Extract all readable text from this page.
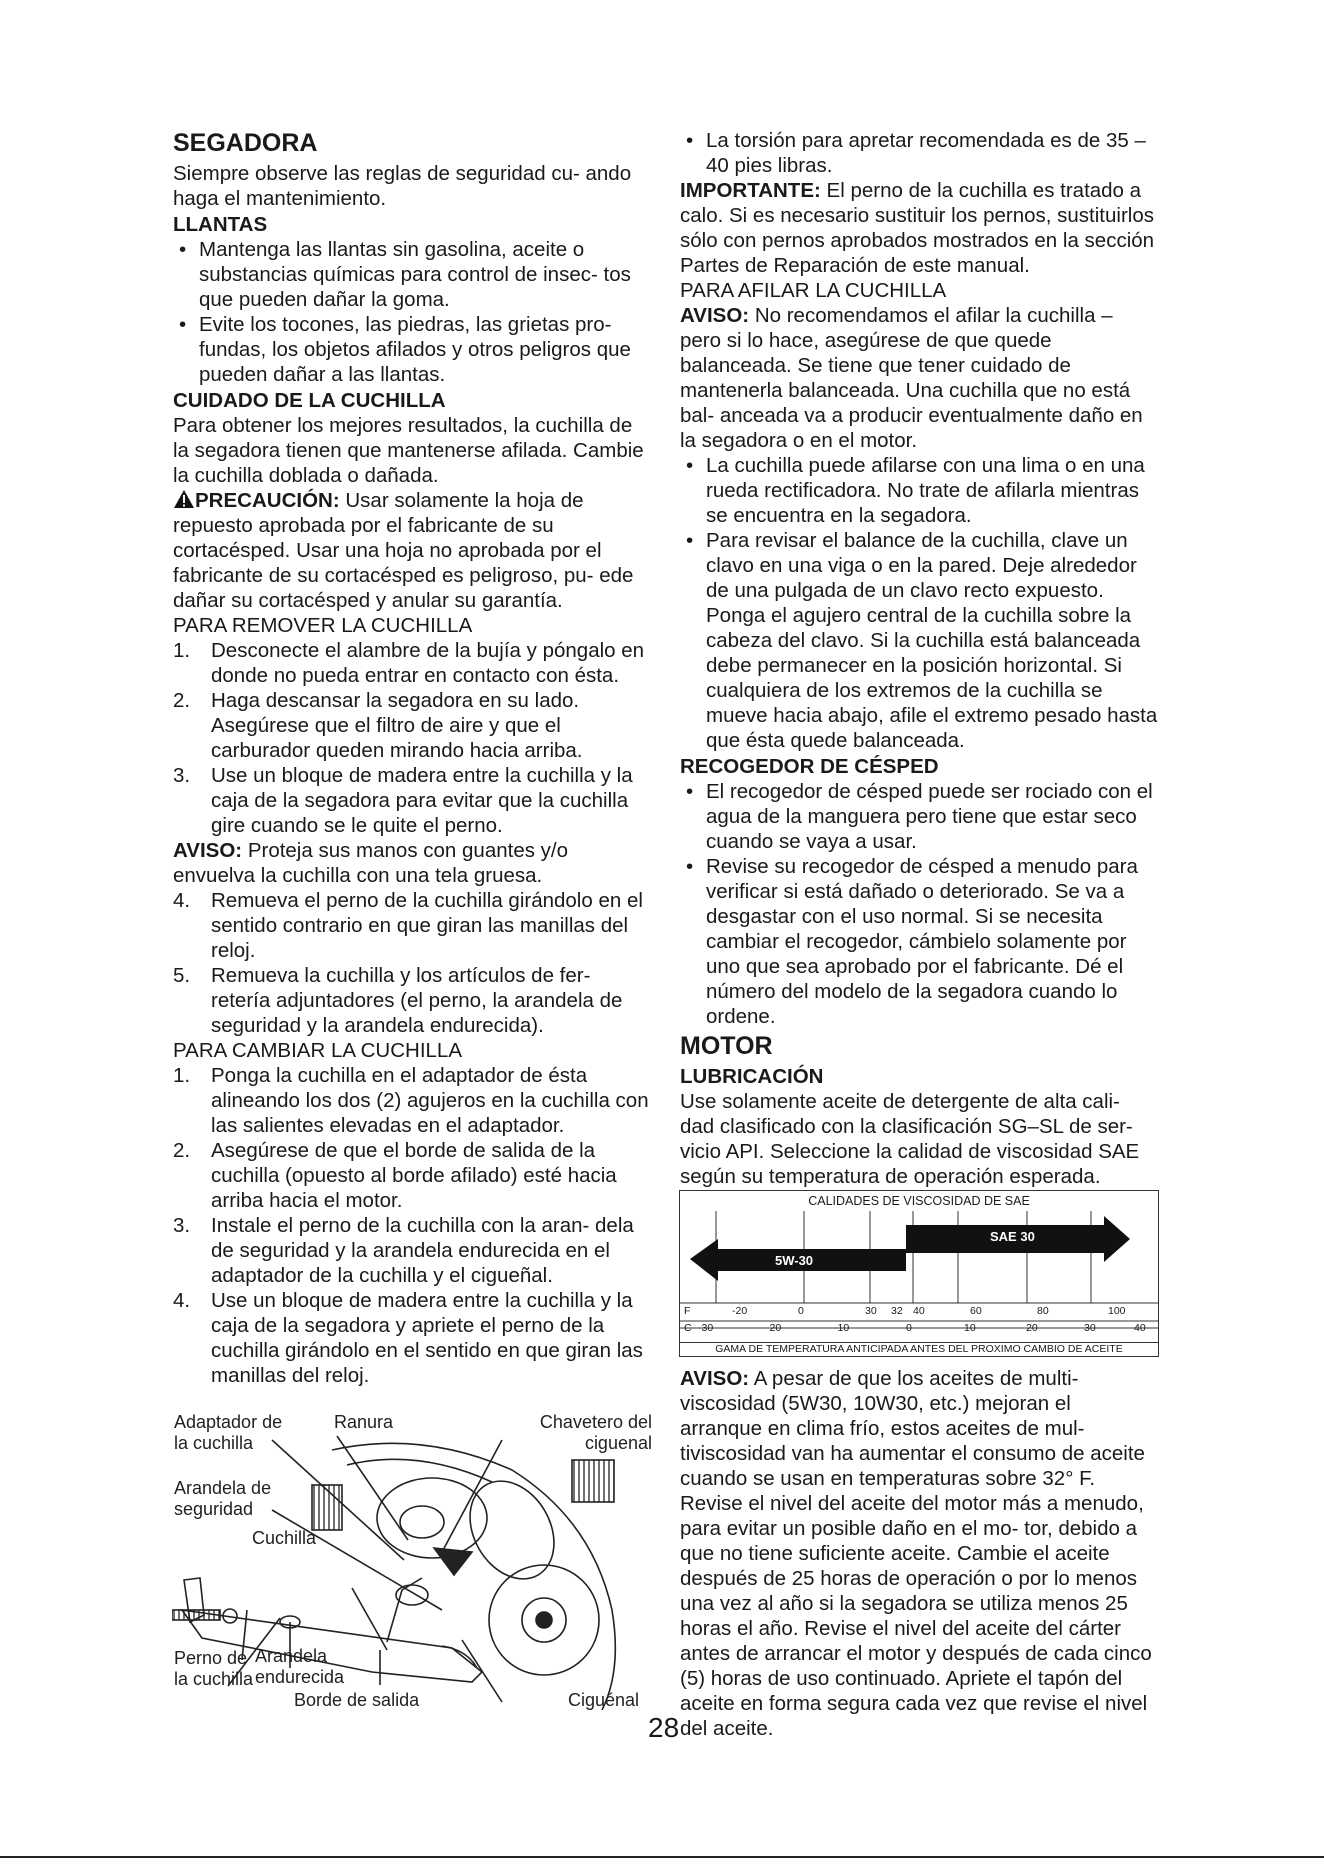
SEGADORA

Siempre observe las reglas de seguridad cu- ando haga el mantenimiento.

LLANTAS
• Mantenga las llantas sin gasolina, aceite o substancias químicas para control de insec- tos que pueden dañar la goma.
• Evite los tocones, las piedras, las grietas pro- fundas, los objetos afilados y otros peligros que pueden dañar a las llantas.
CUIDADO DE LA CUCHILLA

Para obtener los mejores resultados, la cuchilla de la segadora tienen que mantenerse afilada. Cambie la cuchilla doblada o dañada.

PRECAUCIÓN: Usar solamente la hoja de repuesto aprobada por el fabricante de su cortacésped. Usar una hoja no aprobada por el fabricante de su cortacésped es peligroso, pu- ede dañar su cortacésped y anular su garantía.

PARA REMOVER LA CUCHILLA

1. Desconecte el alambre de la bujía y póngalo en donde no pueda entrar en contacto con ésta.
2. Haga descansar la segadora en su lado. Asegúrese que el filtro de aire y que el carburador queden mirando hacia arriba.
3. Use un bloque de madera entre la cuchilla y la caja de la segadora para evitar que la cuchilla gire cuando se le quite el perno.

AVISO: Proteja sus manos con guantes y/o envuelva la cuchilla con una tela gruesa.

4. Remueva el perno de la cuchilla girándolo en el sentido contrario en que giran las manillas del reloj.
5. Remueva la cuchilla y los artículos de fer- retería adjuntadores (el perno, la arandela de seguridad y la arandela endurecida).

PARA CAMBIAR LA CUCHILLA

1. Ponga la cuchilla en el adaptador de ésta alineando los dos (2) agujeros en la cuchilla con las salientes elevadas en el adaptador.
2. Asegúrese de que el borde de salida de la cuchilla (opuesto al borde afilado) esté hacia arriba hacia el motor.
3. Instale el perno de la cuchilla con la aran- dela de seguridad y la arandela endurecida en el adaptador de la cuchilla y el cigueñal.
4. Use un bloque de madera entre la cuchilla y la caja de la segadora y apriete el perno de la cuchilla girándolo en el sentido en que giran las manillas del reloj.
Adaptador de la cuchilla
Ranura	Chavetero del ciguenal
Arandela de seguridad
Cuchilla
Perno de la cuchilla
Arandela endurecida
Borde de salida	Ciguénal
• La torsión para apretar recomendada es de 35 – 40 pies libras.

IMPORTANTE: El perno de la cuchilla es tratado a calo. Si es necesario sustituir los pernos, sustituirlos sólo con pernos aprobados mostrados en la sección Partes de Reparación de este manual.

PARA AFILAR LA CUCHILLA

AVISO: No recomendamos el afilar la cuchilla – pero si lo hace, asegúrese de que quede balanceada. Se tiene que tener cuidado de mantenerla balanceada. Una cuchilla que no está bal- anceada va a producir eventualmente daño en la segadora o en el motor.

• La cuchilla puede afilarse con una lima o en una rueda rectificadora. No trate de afilarla mientras se encuentra en la segadora.
• Para revisar el balance de la cuchilla, clave un clavo en una viga o en la pared. Deje alrededor de una pulgada de un clavo recto expuesto. Ponga el agujero central de la cuchilla sobre la cabeza del clavo. Si la cuchilla está balanceada debe permanecer en la posición horizontal. Si cualquiera de los extremos de la cuchilla se mueve hacia abajo, afile el extremo pesado hasta que ésta quede balanceada.
RECOGEDOR DE CÉSPED
• El recogedor de césped puede ser rociado con el agua de la manguera pero tiene que estar seco cuando se vaya a usar.
• Revise su recogedor de césped a menudo para verificar si está dañado o deteriorado. Se va a desgastar con el uso normal. Si se necesita cambiar el recogedor, cámbielo solamente por uno que sea aprobado por el fabricante. Dé el número del modelo de la segadora cuando lo ordene.
MOTOR
LUBRICACIÓN

Use solamente aceite de detergente de alta cali- dad clasificado con la clasificación SG–SL de ser- vicio API. Seleccione la calidad de viscosidad SAE según su temperatura de operación esperada.

CALIDADES DE VISCOSIDAD DE SAE
SAE 30
5W-30
F	-20	0	30 32 40	60	80	100
C -30	-20	-10	0	10	20	30	40
GAMA DE TEMPERATURA ANTICIPADA ANTES DEL PROXIMO CAMBIO DE ACEITE

AVISO: A pesar de que los aceites de multi- viscosidad (5W30, 10W30, etc.) mejoran el arranque en clima frío, estos aceites de mul- tiviscosidad van ha aumentar el consumo de aceite cuando se usan en temperaturas sobre 32° F. Revise el nivel del aceite del motor más a menudo, para evitar un posible daño en el mo- tor, debido a que no tiene suficiente aceite. Cambie el aceite después de 25 horas de operación o por lo menos una vez al año si la segadora se utiliza menos 25 horas el año. Revise el nivel del aceite del cárter antes de arrancar el motor y después de cada cinco (5) horas de uso continuado. Apriete el tapón del aceite en forma segura cada vez que revise el nivel del aceite.

28
